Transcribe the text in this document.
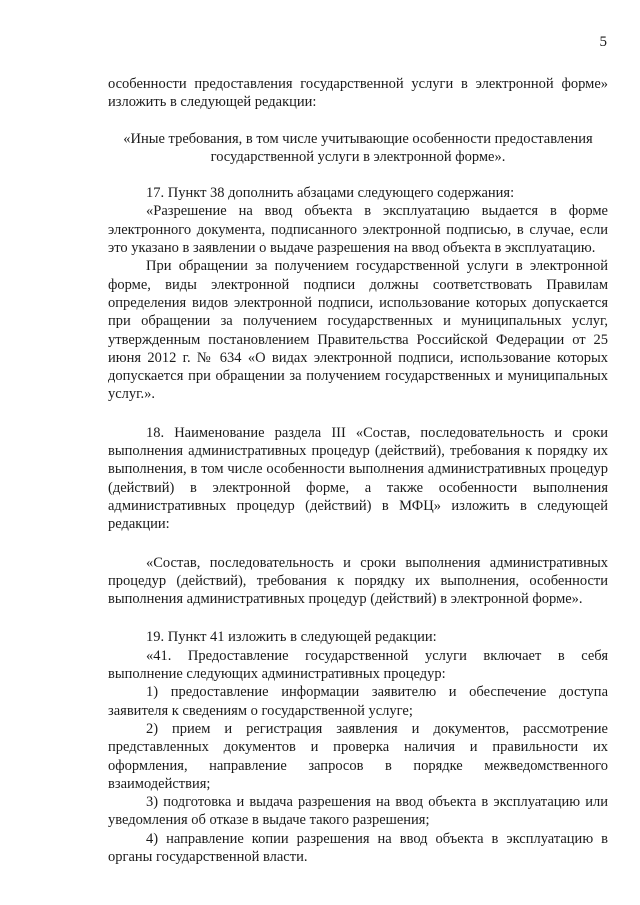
5

особенности предоставления государственной услуги в электронной форме» изложить в следующей редакции:

«Иные требования, в том числе учитывающие особенности предоставления государственной услуги в электронной форме».

17. Пункт 38 дополнить абзацами следующего содержания:

«Разрешение на ввод объекта в эксплуатацию выдается в форме электронного документа, подписанного электронной подписью, в случае, если это указано в заявлении о выдаче разрешения на ввод объекта в эксплуатацию.

При обращении за получением государственной услуги в электронной форме, виды электронной подписи должны соответствовать Правилам определения видов электронной подписи, использование которых допускается при обращении за получением государственных и муниципальных услуг, утвержденным постановлением Правительства Российской Федерации от 25 июня 2012 г. № 634 «О видах электронной подписи, использование которых допускается при обращении за получением государственных и муниципальных услуг.».

18. Наименование раздела III «Состав, последовательность и сроки выполнения административных процедур (действий), требования к порядку их выполнения, в том числе особенности выполнения административных процедур (действий) в электронной форме, а также особенности выполнения административных процедур (действий) в МФЦ» изложить в следующей редакции:

«Состав, последовательность и сроки выполнения административных процедур (действий), требования к порядку их выполнения, особенности выполнения административных процедур (действий) в электронной форме».

19. Пункт 41 изложить в следующей редакции:

«41. Предоставление государственной услуги включает в себя выполнение следующих административных процедур:

1) предоставление информации заявителю и обеспечение доступа заявителя к сведениям о государственной услуге;

2) прием и регистрация заявления и документов, рассмотрение представленных документов и проверка наличия и правильности их оформления, направление запросов в порядке межведомственного взаимодействия;

3) подготовка и выдача разрешения на ввод объекта в эксплуатацию или уведомления об отказе в выдаче такого разрешения;

4) направление копии разрешения на ввод объекта в эксплуатацию в органы государственной власти.
